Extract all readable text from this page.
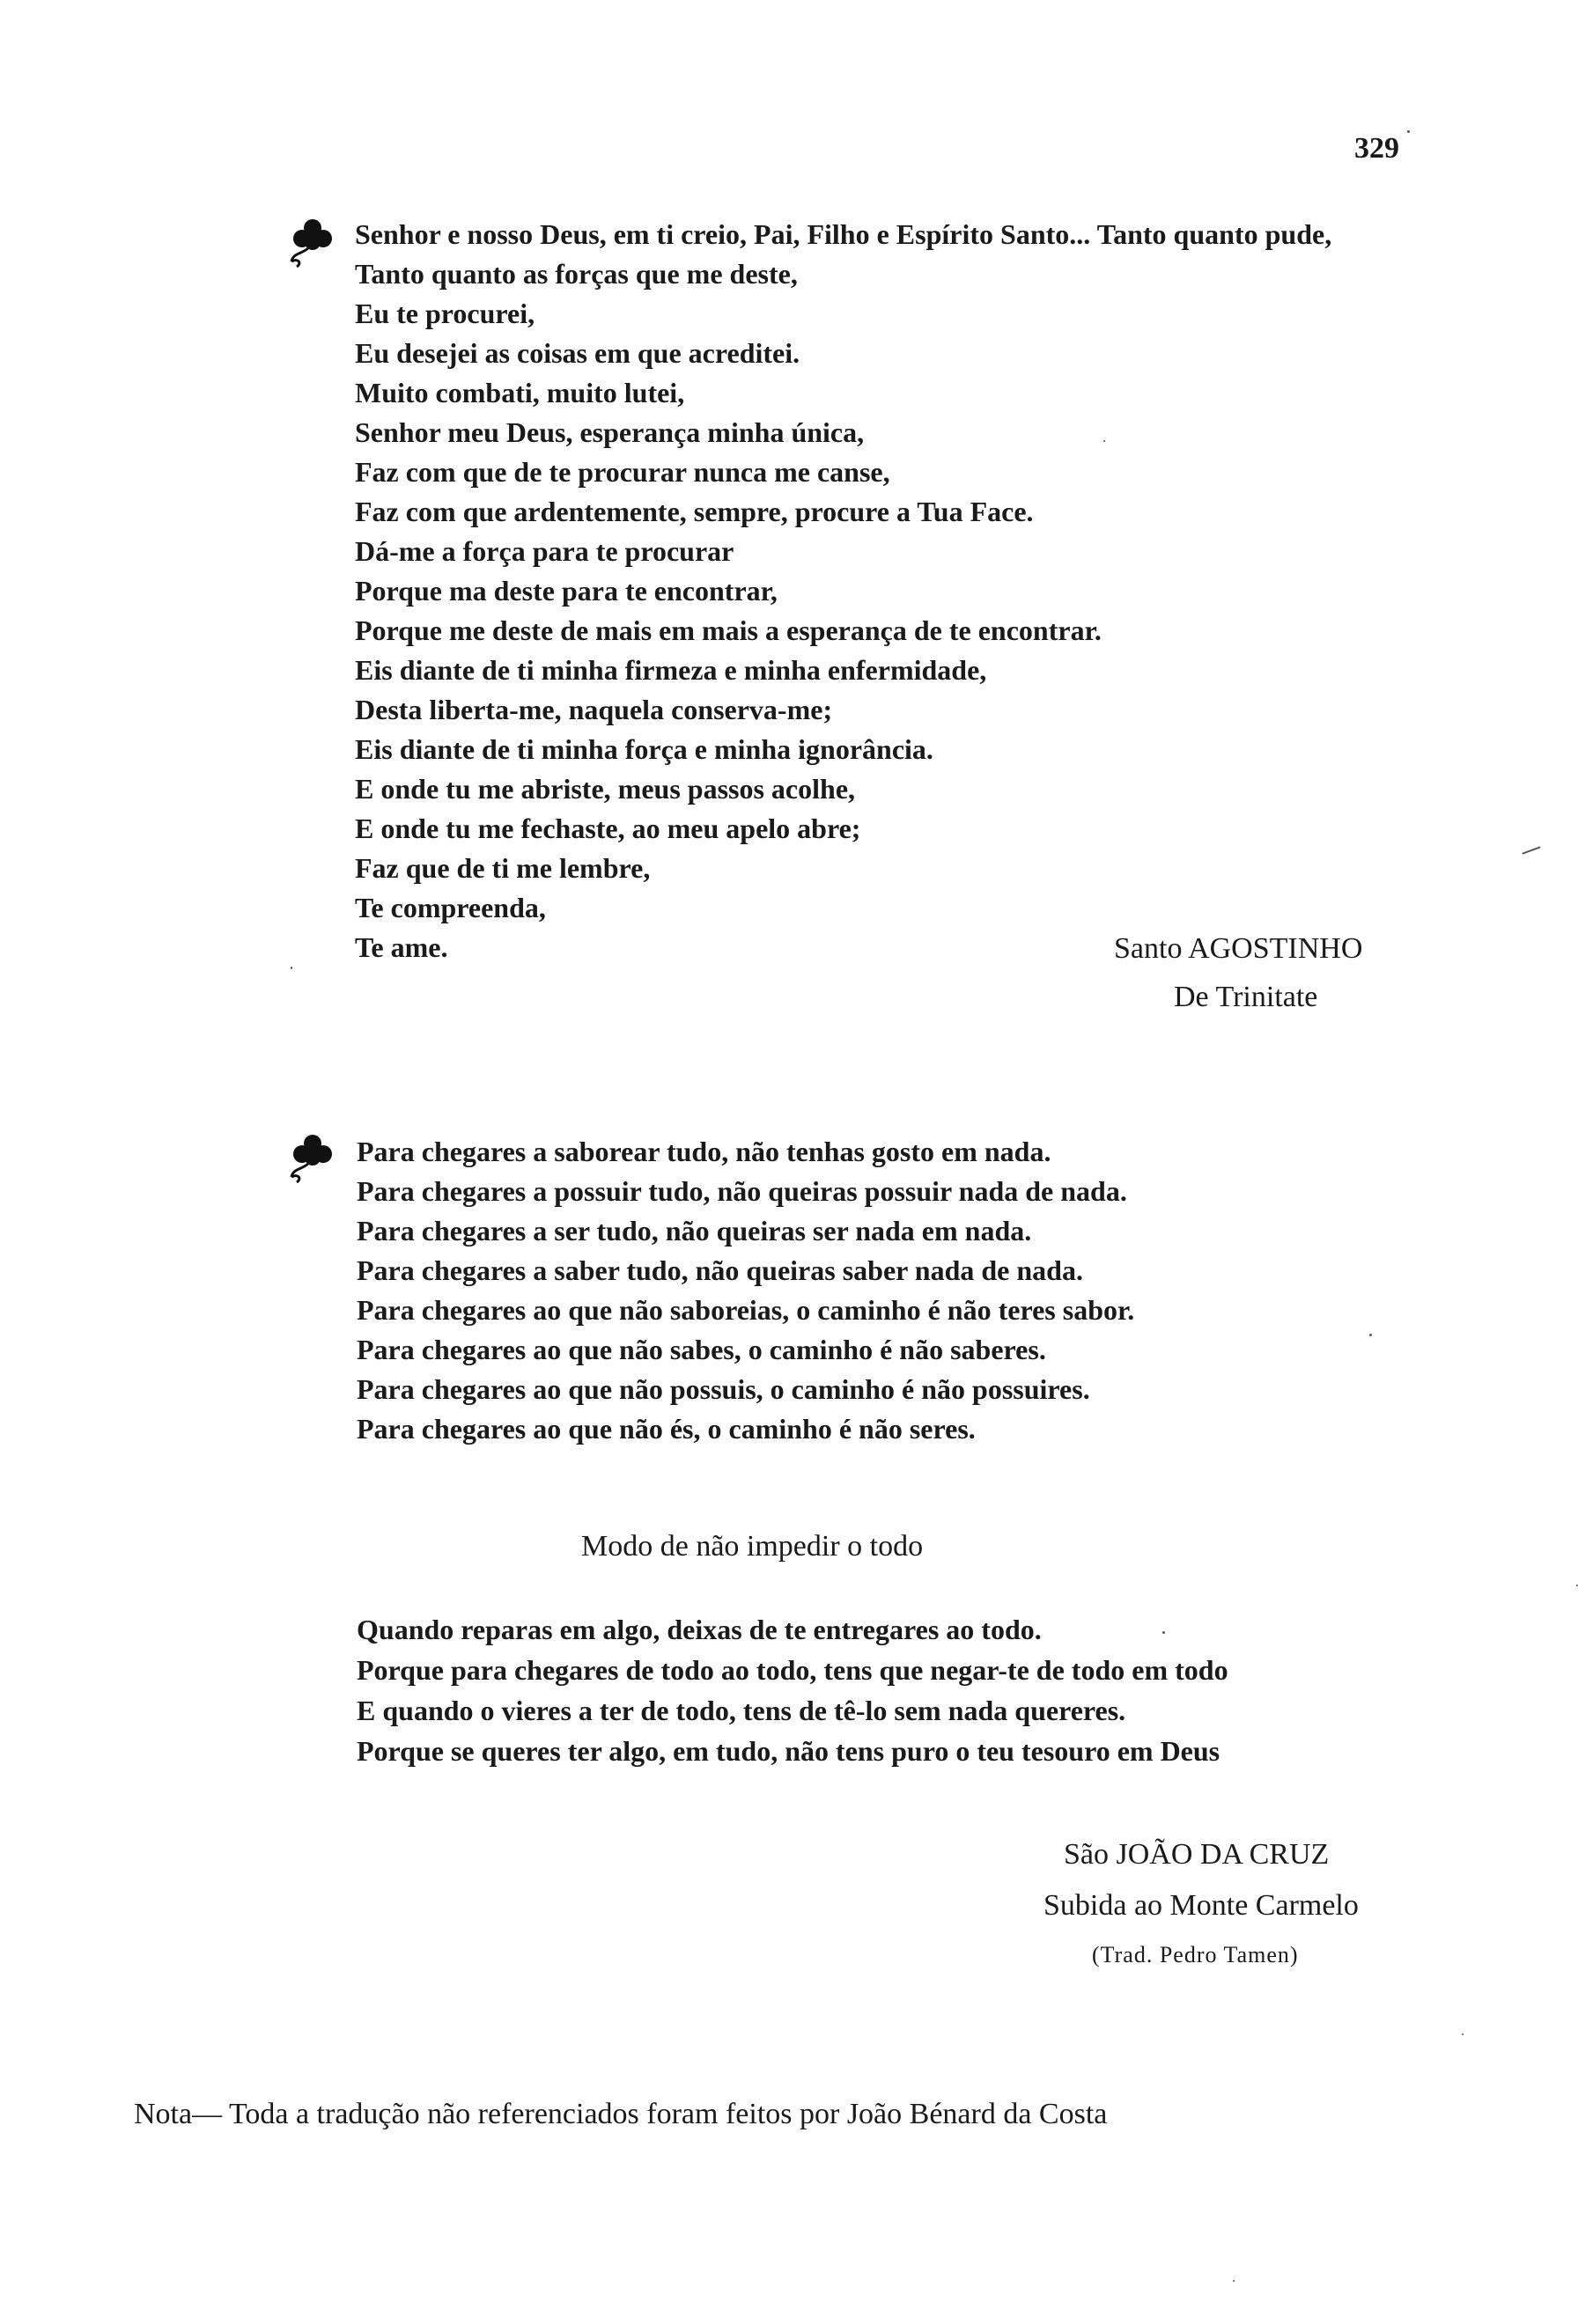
329
Senhor e nosso Deus, em ti creio, Pai, Filho e Espírito Santo... Tanto quanto pude,
Tanto quanto as forças que me deste,
Eu te procurei,
Eu desejei as coisas em que acreditei.
Muito combati, muito lutei,
Senhor meu Deus, esperança minha única,
Faz com que de te procurar nunca me canse,
Faz com que ardentemente, sempre, procure a Tua Face.
Dá-me a força para te procurar
Porque ma deste para te encontrar,
Porque me deste de mais em mais a esperança de te encontrar.
Eis diante de ti minha firmeza e minha enfermidade,
Desta liberta-me, naquela conserva-me;
Eis diante de ti minha força e minha ignorância.
E onde tu me abriste, meus passos acolhe,
E onde tu me fechaste, ao meu apelo abre;
Faz que de ti me lembre,
Te compreenda,
Te ame.	Santo AGOSTINHO
De Trinitate
Para chegares a saborear tudo, não tenhas gosto em nada.
Para chegares a possuir tudo, não queiras possuir nada de nada.
Para chegares a ser tudo, não queiras ser nada em nada.
Para chegares a saber tudo, não queiras saber nada de nada.
Para chegares ao que não saboreias, o caminho é não teres sabor.
Para chegares ao que não sabes, o caminho é não saberes.
Para chegares ao que não possuis, o caminho é não possuires.
Para chegares ao que não és, o caminho é não seres.
Modo de não impedir o todo
Quando reparas em algo, deixas de te entregares ao todo.
Porque para chegares de todo ao todo, tens que negar-te de todo em todo
E quando o vieres a ter de todo, tens de tê-lo sem nada quereres.
Porque se queres ter algo, em tudo, não tens puro o teu tesouro em Deus
São JOÃO DA CRUZ
Subida ao Monte Carmelo
(Trad. Pedro Tamen)
Nota— Toda a tradução não referenciados foram feitos por João Bénard da Costa
